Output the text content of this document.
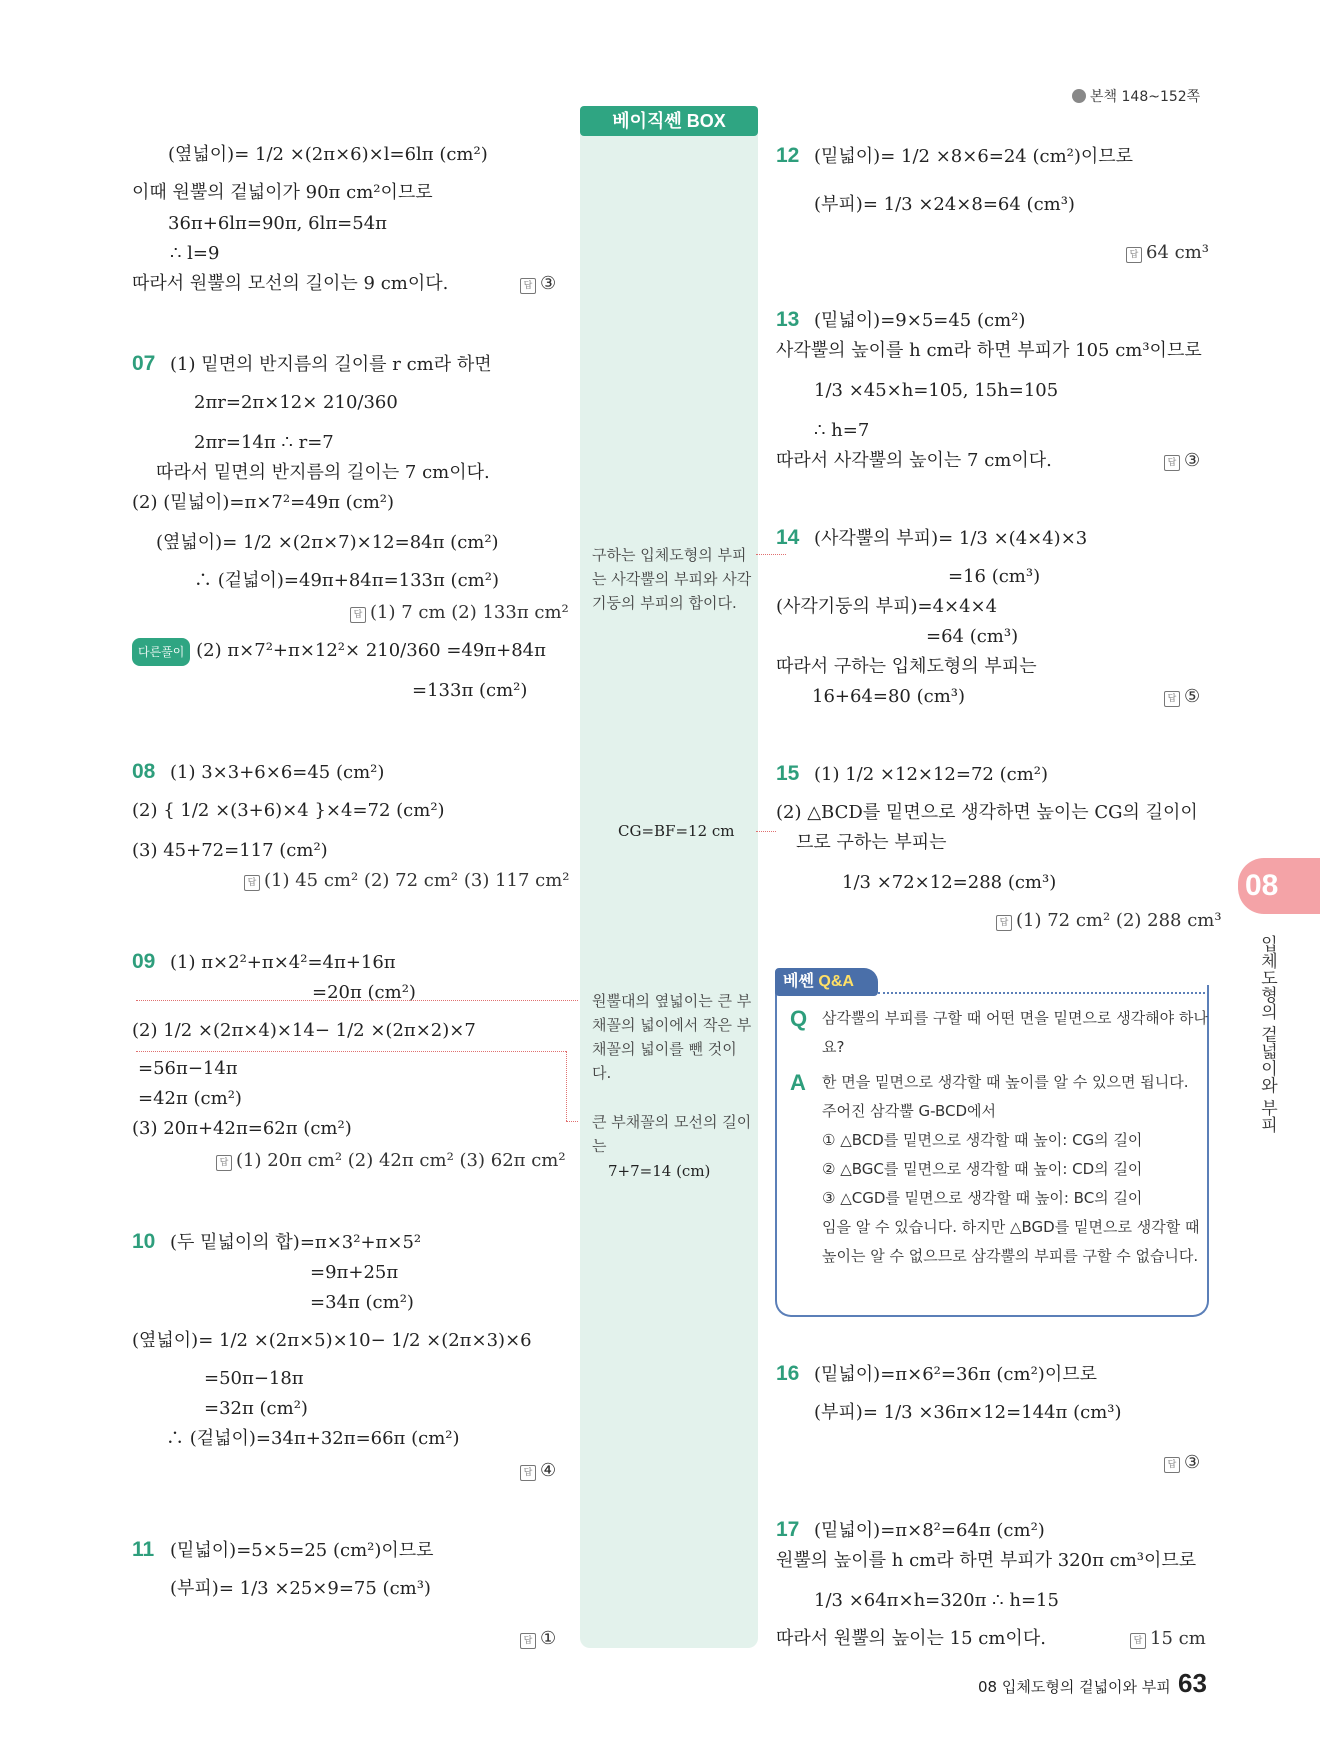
본책 148~152쪽
베이직쎈 BOX
(옆넓이)= 1/2 ×(2π×6)×l=6lπ (cm²)
이때 원뿔의 겉넓이가 90π cm²이므로
36π+6lπ=90π, 6lπ=54π
∴ l=9
따라서 원뿔의 모선의 길이는 9 cm이다.	답 ③
07 (1) 밑면의 반지름의 길이를 r cm라 하면
2πr=2π×12× 210/360
2πr=14π ∴ r=7
따라서 밑면의 반지름의 길이는 7 cm이다.
(2) (밑넓이)=π×7²=49π (cm²)
(옆넓이)= 1/2 ×(2π×7)×12=84π (cm²)
∴ (겉넓이)=49π+84π=133π (cm²)
답 (1) 7 cm (2) 133π cm²
다른풀이 (2) π×7²+π×12²× 210/360 =49π+84π
=133π (cm²)
08 (1) 3×3+6×6=45 (cm²)
(2) { 1/2 ×(3+6)×4 }×4=72 (cm²)
(3) 45+72=117 (cm²)
답 (1) 45 cm² (2) 72 cm² (3) 117 cm²
09 (1) π×2²+π×4²=4π+16π
=20π (cm²)
(2) 1/2 ×(2π×4)×14− 1/2 ×(2π×2)×7
=56π−14π
=42π (cm²)
(3) 20π+42π=62π (cm²)
답 (1) 20π cm² (2) 42π cm² (3) 62π cm²
10 (두 밑넓이의 합)=π×3²+π×5²
=9π+25π
=34π (cm²)
(옆넓이)= 1/2 ×(2π×5)×10− 1/2 ×(2π×3)×6
=50π−18π
=32π (cm²)
∴ (겉넓이)=34π+32π=66π (cm²)
답 ④
11 (밑넓이)=5×5=25 (cm²)이므로
(부피)= 1/3 ×25×9=75 (cm³)
답 ①
구하는 입체도형의 부피는 사각뿔의 부피와 사각기둥의 부피의 합이다.
CG=BF=12 cm
원뿔대의 옆넓이는 큰 부채꼴의 넓이에서 작은 부채꼴의 넓이를 뺀 것이다.
큰 부채꼴의 모선의 길이는
7+7=14 (cm)
12 (밑넓이)= 1/2 ×8×6=24 (cm²)이므로
(부피)= 1/3 ×24×8=64 (cm³)
답 64 cm³
13 (밑넓이)=9×5=45 (cm²)
사각뿔의 높이를 h cm라 하면 부피가 105 cm³이므로
1/3 ×45×h=105, 15h=105
∴ h=7
따라서 사각뿔의 높이는 7 cm이다.	답 ③
14 (사각뿔의 부피)= 1/3 ×(4×4)×3
=16 (cm³)
(사각기둥의 부피)=4×4×4
=64 (cm³)
따라서 구하는 입체도형의 부피는
16+64=80 (cm³)	답 ⑤
15 (1) 1/2 ×12×12=72 (cm²)
(2) △BCD를 밑면으로 생각하면 높이는 CG의 길이이
므로 구하는 부피는
1/3 ×72×12=288 (cm³)
답 (1) 72 cm² (2) 288 cm³
베쎈 Q&A
Q 삼각뿔의 부피를 구할 때 어떤 면을 밑면으로 생각해야 하나요?
A 한 면을 밑면으로 생각할 때 높이를 알 수 있으면 됩니다.
주어진 삼각뿔 G-BCD에서
① △BCD를 밑면으로 생각할 때 높이: CG의 길이
② △BGC를 밑면으로 생각할 때 높이: CD의 길이
③ △CGD를 밑면으로 생각할 때 높이: BC의 길이
임을 알 수 있습니다. 하지만 △BGD를 밑면으로 생각할 때 높이는 알 수 없으므로 삼각뿔의 부피를 구할 수 없습니다.
16 (밑넓이)=π×6²=36π (cm²)이므로
(부피)= 1/3 ×36π×12=144π (cm³)
답 ③
17 (밑넓이)=π×8²=64π (cm²)
원뿔의 높이를 h cm라 하면 부피가 320π cm³이므로
1/3 ×64π×h=320π ∴ h=15
따라서 원뿔의 높이는 15 cm이다.	답 15 cm
08
입체도형의 겉넓이와 부피
08 입체도형의 겉넓이와 부피 63
